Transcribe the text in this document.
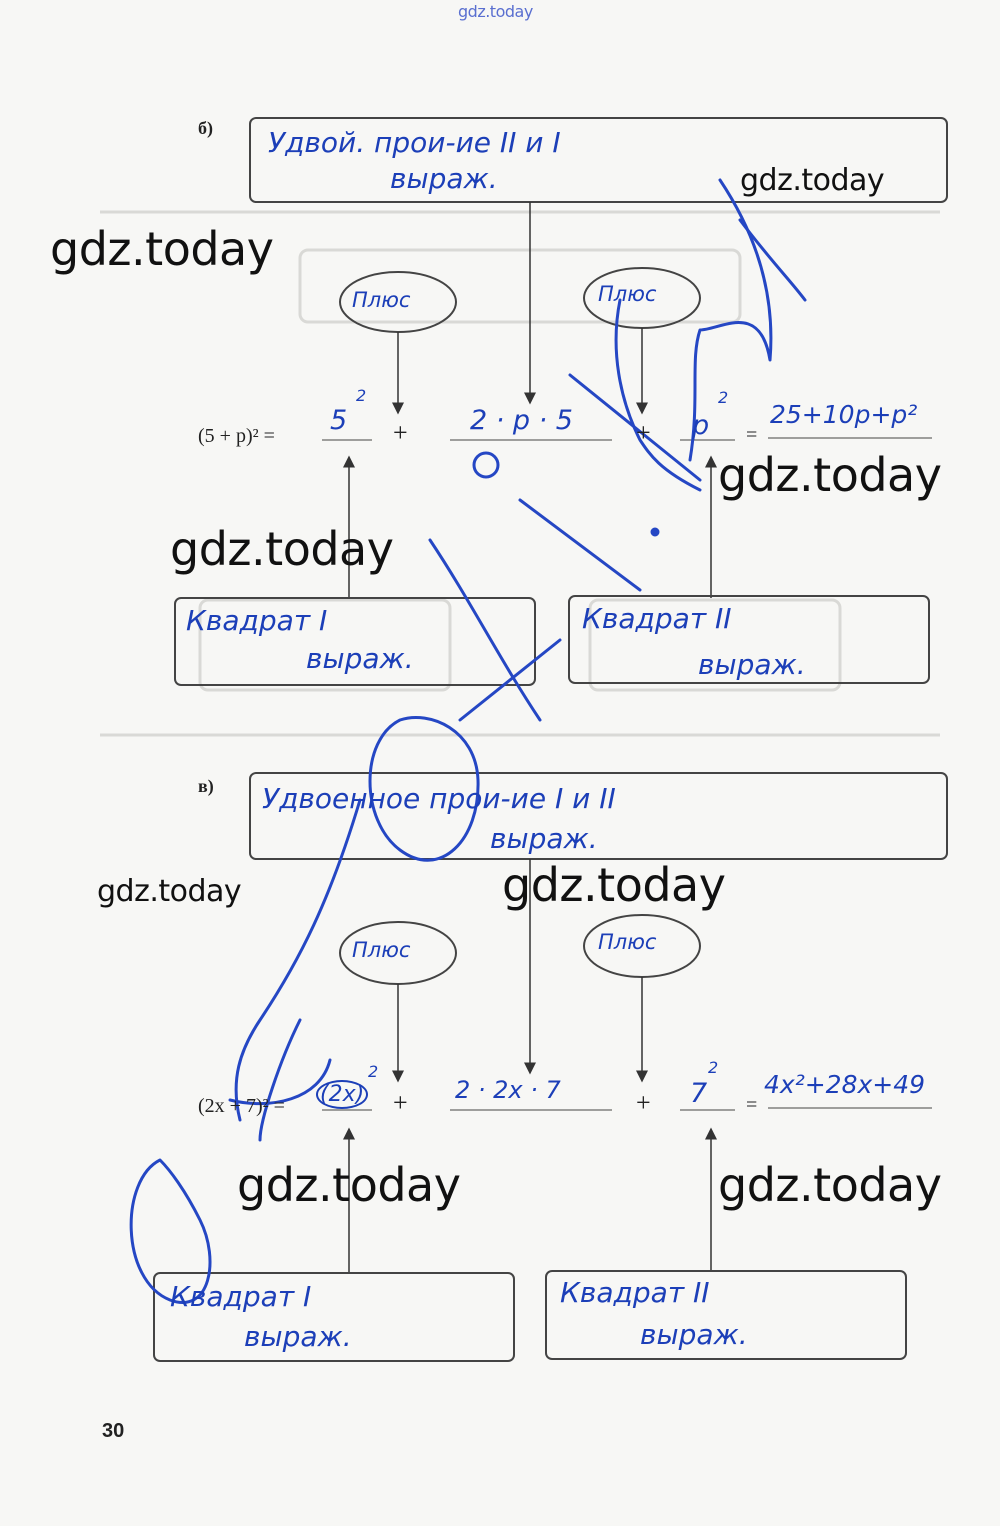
gdz.today
gdz.today
gdz.today
gdz.today
gdz.today
gdz.today	gdz.today
gdz.today	gdz.today
б) Удвой. прои-ие II и I
выраж.
Плюс	Плюс
(5 + p)² = 5
2
+ 2 · p · 5 + p
2
=
25+10p+p²
Квадрат I
выраж.
Квадрат II
выраж.
в) Удвоенное прои-ие I и II
выраж.
Плюс	Плюс
(2x + 7)² = (2x)
2
+ 2 · 2x · 7	+ 7
2
=
4x²+28x+49
Квадрат I
выраж.
Квадрат II
выраж.
30
